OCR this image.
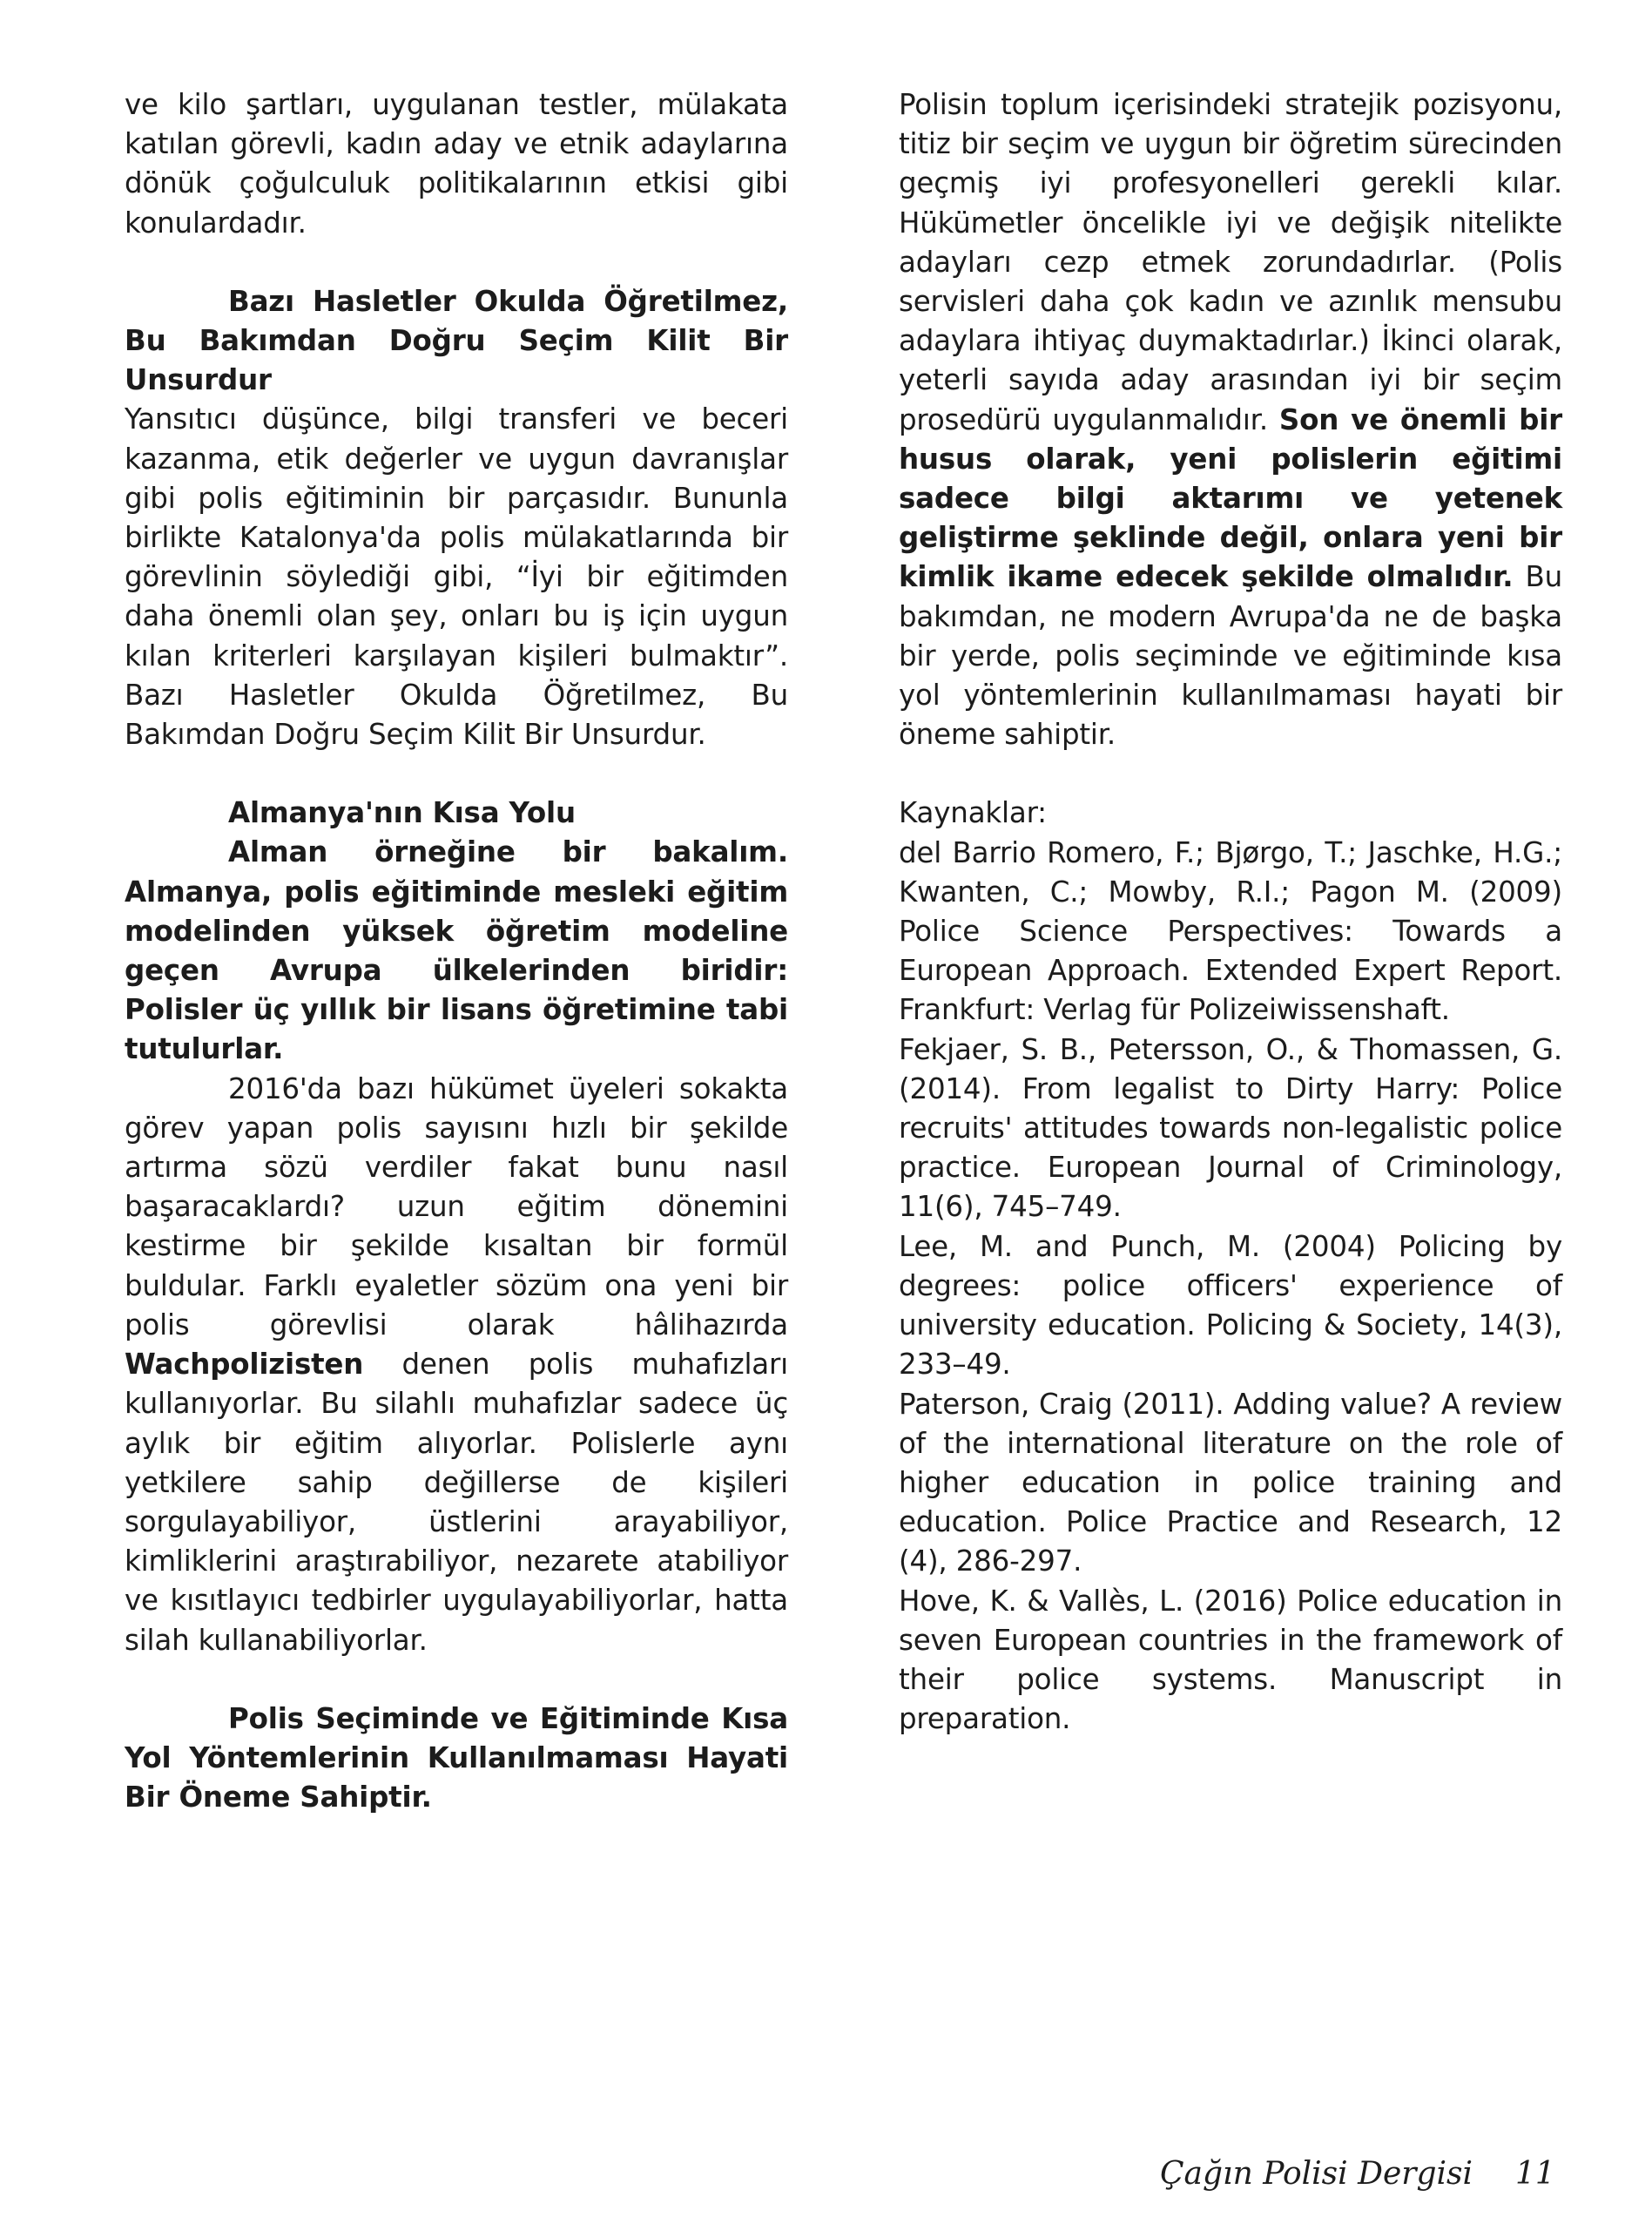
ve kilo şartları, uygulanan testler, mülakata katılan görevli, kadın aday ve etnik adaylarına dönük çoğulculuk politikalarının etkisi gibi konulardadır.

Bazı Hasletler Okulda Öğretilmez, Bu Bakımdan Doğru Seçim Kilit Bir Unsurdur

Yansıtıcı düşünce, bilgi transferi ve beceri kazanma, etik değerler ve uygun davranışlar gibi polis eğitiminin bir parçasıdır. Bununla birlikte Katalonya'da polis mülakatlarında bir görevlinin söylediği gibi, “İyi bir eğitimden daha önemli olan şey, onları bu iş için uygun kılan kriterleri karşılayan kişileri bulmaktır”. Bazı Hasletler Okulda Öğretilmez, Bu Bakımdan Doğru Seçim Kilit Bir Unsurdur.

Almanya'nın Kısa Yolu

Alman örneğine bir bakalım. Almanya, polis eğitiminde mesleki eğitim modelinden yüksek öğretim modeline geçen Avrupa ülkelerinden biridir: Polisler üç yıllık bir lisans öğretimine tabi tutulurlar.

2016'da bazı hükümet üyeleri sokakta görev yapan polis sayısını hızlı bir şekilde artırma sözü verdiler fakat bunu nasıl başaracaklardı? uzun eğitim dönemini kestirme bir şekilde kısaltan bir formül buldular. Farklı eyaletler sözüm ona yeni bir polis görevlisi olarak hâlihazırda Wachpolizisten denen polis muhafızları kullanıyorlar. Bu silahlı muhafızlar sadece üç aylık bir eğitim alıyorlar. Polislerle aynı yetkilere sahip değillerse de kişileri sorgulayabiliyor, üstlerini arayabiliyor, kimliklerini araştırabiliyor, nezarete atabiliyor ve kısıtlayıcı tedbirler uygulayabiliyorlar, hatta silah kullanabiliyorlar.

Polis Seçiminde ve Eğitiminde Kısa Yol Yöntemlerinin Kullanılmaması Hayati Bir Öneme Sahiptir.

Polisin toplum içerisindeki stratejik pozisyonu, titiz bir seçim ve uygun bir öğretim sürecinden geçmiş iyi profesyonelleri gerekli kılar. Hükümetler öncelikle iyi ve değişik nitelikte adayları cezp etmek zorundadırlar. (Polis servisleri daha çok kadın ve azınlık mensubu adaylara ihtiyaç duymaktadırlar.) İkinci olarak, yeterli sayıda aday arasından iyi bir seçim prosedürü uygulanmalıdır. Son ve önemli bir husus olarak, yeni polislerin eğitimi sadece bilgi aktarımı ve yetenek geliştirme şeklinde değil, onlara yeni bir kimlik ikame edecek şekilde olmalıdır. Bu bakımdan, ne modern Avrupa'da ne de başka bir yerde, polis seçiminde ve eğitiminde kısa yol yöntemlerinin kullanılmaması hayati bir öneme sahiptir.

Kaynaklar:

del Barrio Romero, F.; Bjørgo, T.; Jaschke, H.G.; Kwanten, C.; Mowby, R.I.; Pagon M. (2009) Police Science Perspectives: Towards a European Approach. Extended Expert Report. Frankfurt: Verlag für Polizeiwissenshaft.

Fekjaer, S. B., Petersson, O., & Thomassen, G. (2014). From legalist to Dirty Harry: Police recruits' attitudes towards non-legalistic police practice. European Journal of Criminology, 11(6), 745–749.

Lee, M. and Punch, M. (2004) Policing by degrees: police officers' experience of university education. Policing & Society, 14(3), 233–49.

Paterson, Craig (2011). Adding value? A review of the international literature on the role of higher education in police training and education. Police Practice and Research, 12 (4), 286-297.

Hove, K. & Vallès, L. (2016) Police education in seven European countries in the framework of their police systems. Manuscript in preparation.

Çağın Polisi Dergisi 11
